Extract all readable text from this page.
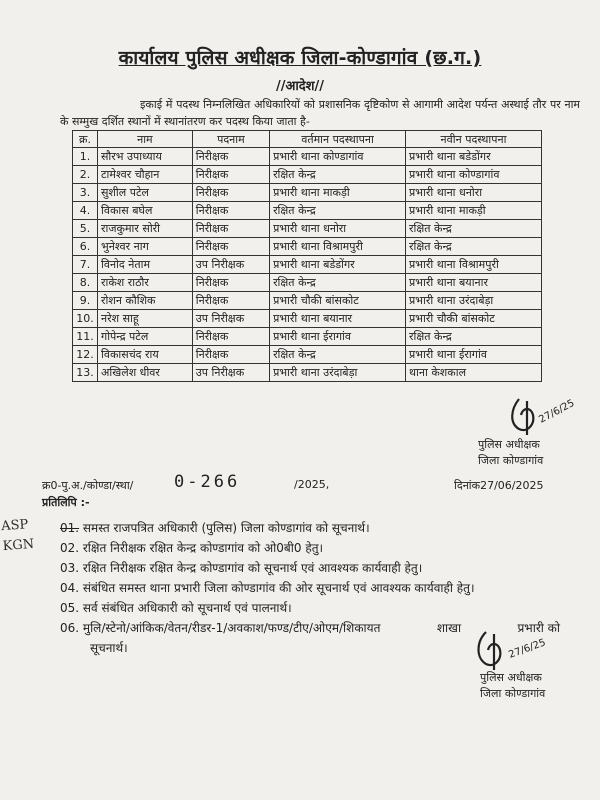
कार्यालय पुलिस अधीक्षक जिला-कोण्डागांव (छ.ग.)
//आदेश//
इकाई में पदस्थ निम्नलिखित अधिकारियों को प्रशासनिक दृष्टिकोण से आगामी आदेश पर्यन्त अस्थाई तौर पर नाम के सम्मुख दर्शित स्थानों में स्थानांतरण कर पदस्थ किया जाता है-
क्र.	नाम	पदनाम	वर्तमान पदस्थापना	नवीन पदस्थापना
1.	सौरभ उपाध्याय	निरीक्षक	प्रभारी थाना कोण्डागांव	प्रभारी थाना बडेडोंगर
2.	टामेश्वर चौहान	निरीक्षक	रक्षित केन्द्र	प्रभारी थाना कोण्डागांव
3.	सुशील पटेल	निरीक्षक	प्रभारी थाना माकड़ी	प्रभारी थाना धनोरा
4.	विकास बघेल	निरीक्षक	रक्षित केन्द्र	प्रभारी थाना माकड़ी
5.	राजकुमार सोरी	निरीक्षक	प्रभारी थाना धनोरा	रक्षित केन्द्र
6.	भुनेश्वर नाग	निरीक्षक	प्रभारी थाना विश्रामपुरी	रक्षित केन्द्र
7.	विनोद नेताम	उप निरीक्षक	प्रभारी थाना बडेडोंगर	प्रभारी थाना विश्रामपुरी
8.	राकेश राठौर	निरीक्षक	रक्षित केन्द्र	प्रभारी थाना बयानार
9.	रोशन कौशिक	निरीक्षक	प्रभारी चौकी बांसकोट	प्रभारी थाना उरंदाबेड़ा
10.	नरेश साहू	उप निरीक्षक	प्रभारी थाना बयानार	प्रभारी चौकी बांसकोट
11.	गोपेन्द्र पटेल	निरीक्षक	प्रभारी थाना ईरागांव	रक्षित केन्द्र
12.	विकासचंद राय	निरीक्षक	रक्षित केन्द्र	प्रभारी थाना ईरागांव
13.	अखिलेश धीवर	उप निरीक्षक	प्रभारी थाना उरंदाबेड़ा	थाना केशकाल
27/6/25
पुलिस अधीक्षक
जिला कोण्डागांव
क्र0-पु.अ./कोण्डा/स्था/ 0-266	/2025,	दिनांक27/06/2025
प्रतिलिपि :-
ASP
KGN
01. समस्त राजपत्रित अधिकारी (पुलिस) जिला कोण्डागांव को सूचनार्थ।
02. रक्षित निरीक्षक रक्षित केन्द्र कोण्डागांव को ओ0बी0 हेतु।
03. रक्षित निरीक्षक रक्षित केन्द्र कोण्डागांव को सूचनार्थ एवं आवश्यक कार्यवाही हेतु।
04. संबंधित समस्त थाना प्रभारी जिला कोण्डागांव की ओर सूचनार्थ एवं आवश्यक कार्यवाही हेतु।
05. सर्व संबंधित अधिकारी को सूचनार्थ एवं पालनार्थ।
06. मुलि/स्टेनो/आंकिक/वेतन/रीडर-1/अवकाश/फण्ड/टीए/ओएम/शिकायत	शाखा	प्रभारी को
सूचनार्थ।	27/6/25
पुलिस अधीक्षक
जिला कोण्डागांव
